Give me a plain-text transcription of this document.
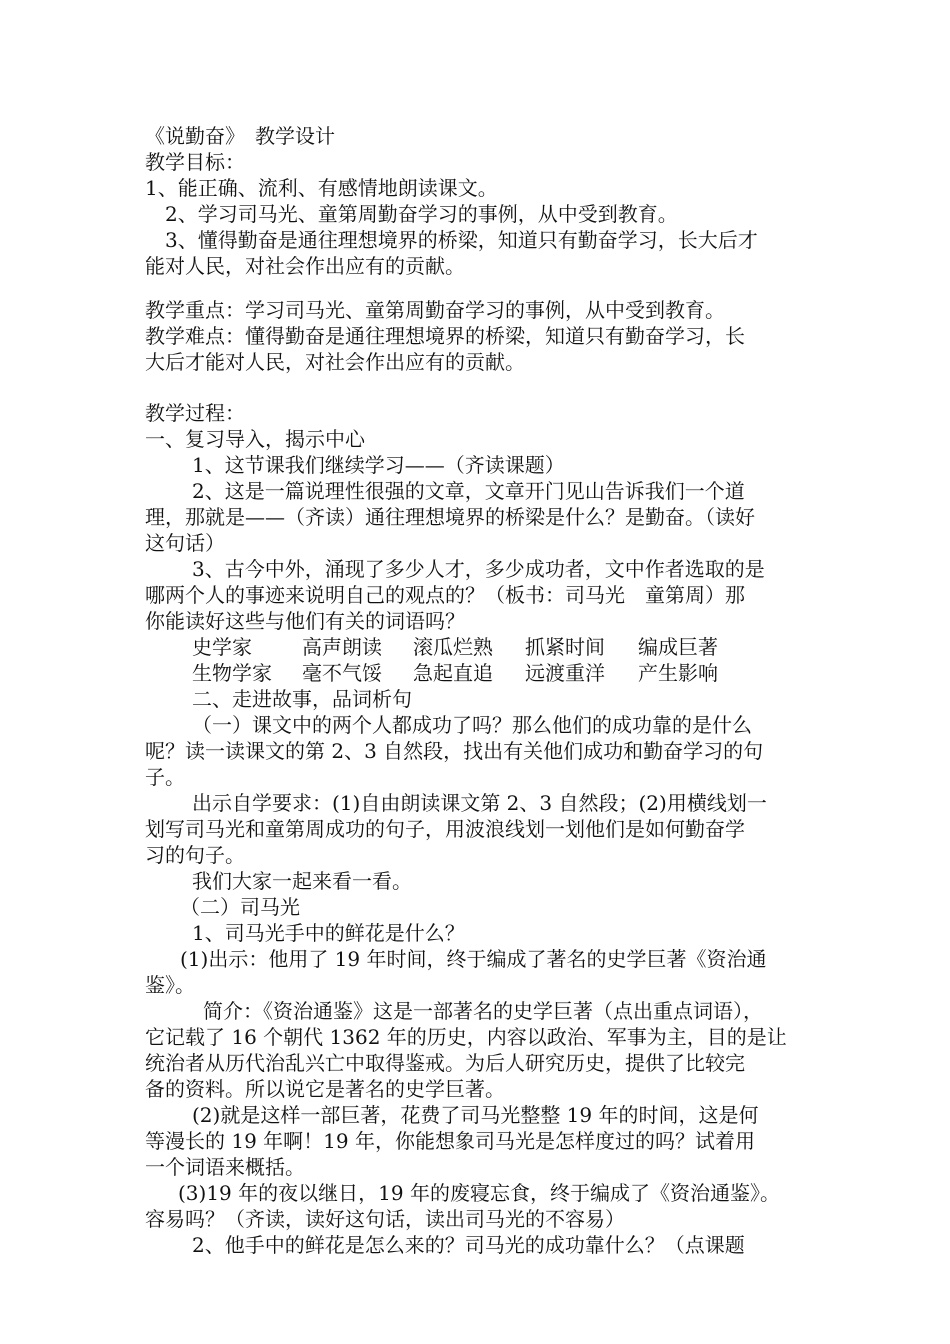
《说勤奋》　教学设计
教学目标：
1、能正确、流利、有感情地朗读课文。
2、学习司马光、童第周勤奋学习的事例，从中受到教育。
3、懂得勤奋是通往理想境界的桥梁，知道只有勤奋学习，长大后才
能对人民，对社会作出应有的贡献。
教学重点：学习司马光、童第周勤奋学习的事例，从中受到教育。
教学难点：懂得勤奋是通往理想境界的桥梁，知道只有勤奋学习，长
大后才能对人民，对社会作出应有的贡献。
教学过程：
一、复习导入，揭示中心
1、这节课我们继续学习——（齐读课题）
2、这是一篇说理性很强的文章，文章开门见山告诉我们一个道
理，那就是——（齐读）通往理想境界的桥梁是什么？是勤奋。（读好
这句话）
3、古今中外，涌现了多少人才，多少成功者，文中作者选取的是
哪两个人的事迹来说明自己的观点的？（板书：司马光　童第周）那
你能读好这些与他们有关的词语吗？
史学家	高声朗读 滚瓜烂熟 抓紧时间 编成巨著
生物学家 毫不气馁 急起直追 远渡重洋 产生影响
二、走进故事，品词析句
（一）课文中的两个人都成功了吗？那么他们的成功靠的是什么
呢？读一读课文的第 2、3 自然段，找出有关他们成功和勤奋学习的句
子。
出示自学要求：(1)自由朗读课文第 2、3 自然段；(2)用横线划一
划写司马光和童第周成功的句子，用波浪线划一划他们是如何勤奋学
习的句子。
我们大家一起来看一看。
（二）司马光
1、司马光手中的鲜花是什么？
(1)出示：他用了 19 年时间，终于编成了著名的史学巨著《资治通
鉴》。
简介：《资治通鉴》这是一部著名的史学巨著（点出重点词语），
它记载了 16 个朝代 1362 年的历史，内容以政治、军事为主，目的是让
统治者从历代治乱兴亡中取得鉴戒。为后人研究历史，提供了比较完
备的资料。所以说它是著名的史学巨著。
(2)就是这样一部巨著，花费了司马光整整 19 年的时间，这是何
等漫长的 19 年啊！19 年，你能想象司马光是怎样度过的吗？试着用
一个词语来概括。
(3)19 年的夜以继日，19 年的废寝忘食，终于编成了《资治通鉴》。
容易吗？（齐读，读好这句话，读出司马光的不容易）
2、他手中的鲜花是怎么来的？司马光的成功靠什么？（点课题
